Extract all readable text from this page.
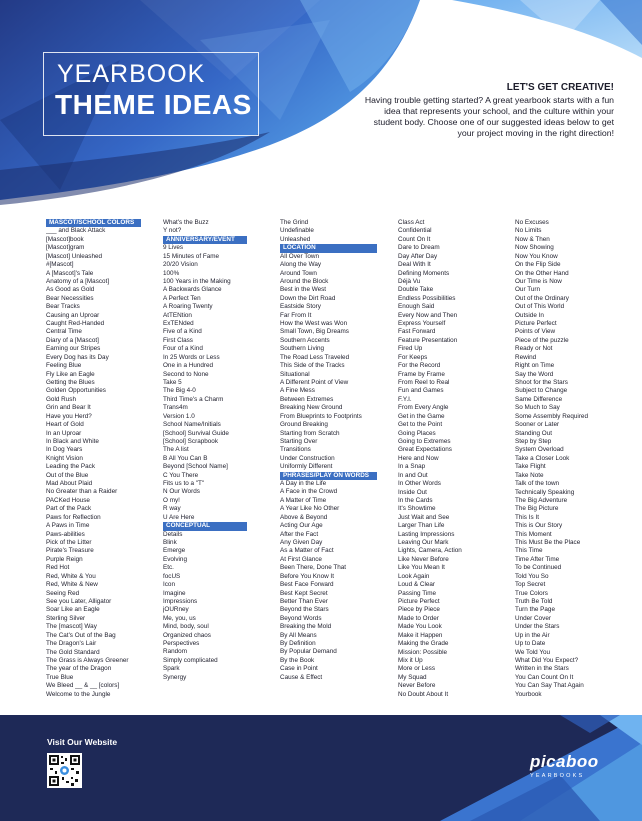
YEARBOOK
THEME IDEAS
LET'S GET CREATIVE!
Having trouble getting started? A great yearbook starts with a fun idea that represents your school, and the culture within your student body. Choose one of our suggested ideas below to get your project moving in the right direction!
MASCOT/SCHOOL COLORS
___ and Black Attack
[Mascot]book
[Mascot]gram
[Mascot] Unleashed
#[Mascot]
A [Mascot]'s Tale
Anatomy of a [Mascot]
As Good as Gold
Bear Necessities
Bear Tracks
Causing an Uproar
Caught Red-Handed
Central Time
Diary of a [Mascot]
Earning our Stripes
Every Dog has its Day
Feeling Blue
Fly Like an Eagle
Getting the Blues
Golden Opportunities
Gold Rush
Grin and Bear It
Have you Herd?
Heart of Gold
In an Uproar
In Black and White
In Dog Years
Knight Vision
Leading the Pack
Out of the Blue
Mad About Plaid
No Greater than a Raider
PACKed House
Part of the Pack
Paws for Reflection
A Paws in Time
Paws-abilities
Pick of the Litter
Pirate's Treasure
Purple Reign
Red Hot
Red, White & You
Red, White & New
Seeing Red
See you Later, Alligator
Soar Like an Eagle
Sterling Silver
The [mascot] Way
The Cat's Out of the Bag
The Dragon's Lair
The Gold Standard
The Grass is Always Greener
The year of the Dragon
True Blue
We Bleed __ & __ [colors]
Welcome to the Jungle
What's the Buzz
Y not?
ANNIVERSARY/EVENT
9 Lives
15 Minutes of Fame
20/20 Vision
100%
100 Years in the Making
A Backwards Glance
A Perfect Ten
A Roaring Twenty
AtTENtion
ExTENded
Five of a Kind
First Class
Four of a Kind
In 25 Words or Less
One in a Hundred
Second to None
Take 5
The Big 4-0
Third Time's a Charm
Trans4m
Version 1.0
School Name/Initials
[School] Survival Guide
[School] Scrapbook
The A list
B All You Can B
Beyond [School Name]
C You There
Fits us to a "T"
N Our Words
O my!
R way
U Are Here
CONCEPTUAL
Details
Blink
Emerge
Evolving
Etc.
focUS
Icon
Imagine
Impressions
jOURney
Me, you, us
Mind, body, soul
Organized chaos
Perspectives
Random
Simply complicated
Spark
Synergy
The Grind
Undefinable
Unleashed
LOCATION
All Over Town
Along the Way
Around Town
Around the Block
Best in the West
Down the Dirt Road
Eastside Story
Far From It
How the West was Won
Small Town, Big Dreams
Southern Accents
Southern Living
The Road Less Traveled
This Side of the Tracks
Situational
A Different Point of View
A Fine Mess
Between Extremes
Breaking New Ground
From Blueprints to Footprints
Ground Breaking
Starting from Scratch
Starting Over
Transitions
Under Construction
Uniformly Different
PHRASES/PLAY ON WORDS
A Day in the Life
A Face in the Crowd
A Matter of Time
A Year Like No Other
Above & Beyond
Acting Our Age
After the Fact
Any Given Day
As a Matter of Fact
At First Glance
Been There, Done That
Before You Know It
Best Face Forward
Best Kept Secret
Better Than Ever
Beyond the Stars
Beyond Words
Breaking the Mold
By All Means
By Definition
By Popular Demand
By the Book
Case in Point
Cause & Effect
Class Act
Confidential
Count On It
Dare to Dream
Day After Day
Deal With It
Defining Moments
Déjà Vu
Double Take
Endless Possibilities
Enough Said
Every Now and Then
Express Yourself
Fast Forward
Feature Presentation
Fired Up
For Keeps
For the Record
Frame by Frame
From Reel to Real
Fun and Games
F.Y.I.
From Every Angle
Get in the Game
Get to the Point
Going Places
Going to Extremes
Great Expectations
Here and Now
In a Snap
In and Out
In Other Words
Inside Out
In the Cards
It's Showtime
Just Wait and See
Larger Than Life
Lasting Impressions
Leaving Our Mark
Lights, Camera, Action
Like Never Before
Like You Mean It
Look Again
Loud & Clear
Passing Time
Picture Perfect
Piece by Piece
Made to Order
Made You Look
Make it Happen
Making the Grade
Mission: Possible
Mix it Up
More or Less
My Squad
Never Before
No Doubt About It
No Excuses
No Limits
Now & Then
Now Showing
Now You Know
On the Flip Side
On the Other Hand
Our Time is Now
Our Turn
Out of the Ordinary
Out of This World
Outside In
Picture Perfect
Points of View
Piece of the puzzle
Ready or Not
Rewind
Right on Time
Say the Word
Shoot for the Stars
Subject to Change
Same Difference
So Much to Say
Some Assembly Required
Sooner or Later
Standing Out
Step by Step
System Overload
Take a Closer Look
Take Flight
Take Note
Talk of the town
Technically Speaking
The Big Adventure
The Big Picture
This Is It
This is Our Story
This Moment
This Must Be the Place
This Time
Time After Time
To be Continued
Told You So
Top Secret
True Colors
Truth Be Told
Turn the Page
Under Cover
Under the Stars
Up in the Air
Up to Date
We Told You
What Did You Expect?
Written in the Stars
You Can Count On It
You Can Say That Again
Yourbook
Visit Our Website
picaboo
YEARBOOKS
